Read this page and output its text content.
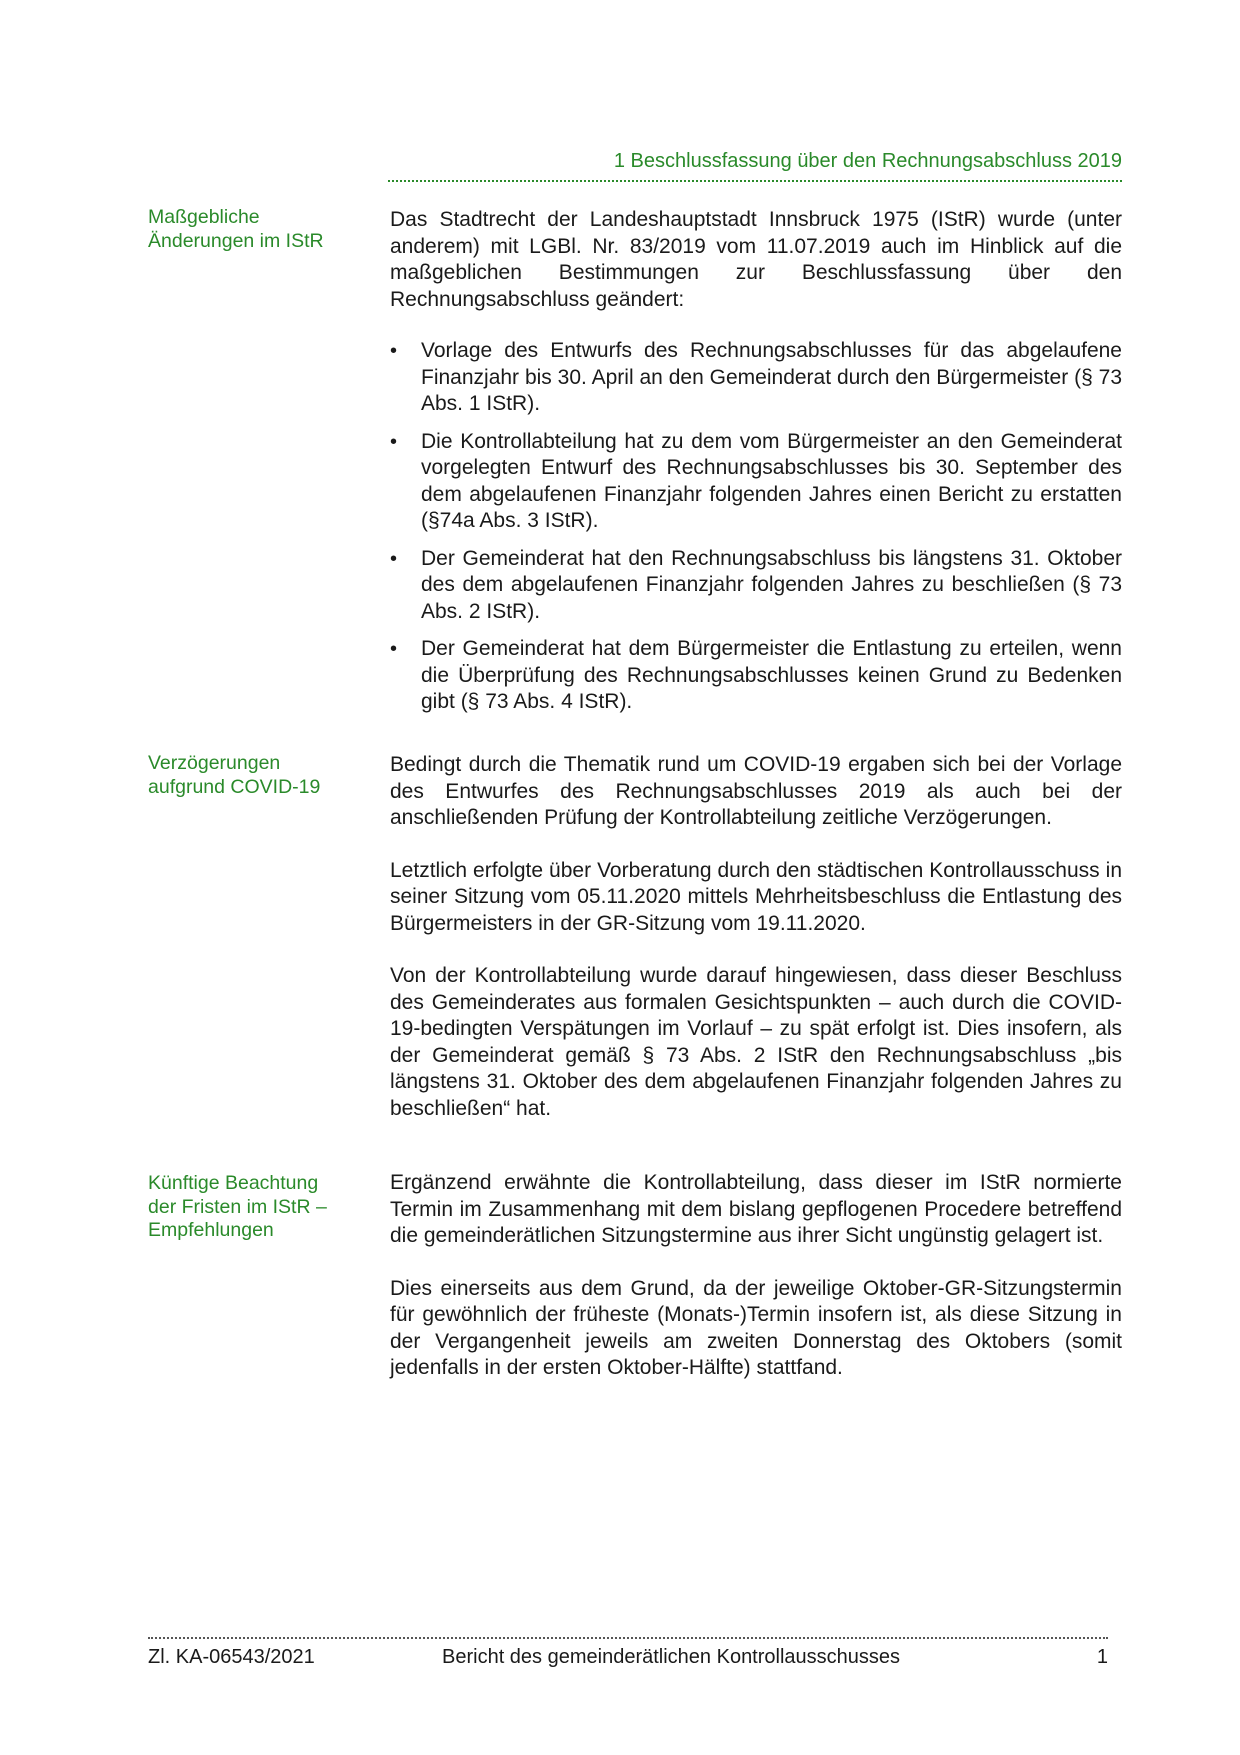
1 Beschlussfassung über den Rechnungsabschluss 2019
Maßgebliche Änderungen im IStR
Verzögerungen aufgrund COVID-19
Künftige Beachtung der Fristen im IStR – Empfehlungen

Das Stadtrecht der Landeshauptstadt Innsbruck 1975 (IStR) wurde (unter anderem) mit LGBl. Nr. 83/2019 vom 11.07.2019 auch im Hinblick auf die maßgeblichen Bestimmungen zur Beschlussfassung über den Rechnungsabschluss geändert:

• Vorlage des Entwurfs des Rechnungsabschlusses für das abgelaufene Finanzjahr bis 30. April an den Gemeinderat durch den Bürgermeister (§ 73 Abs. 1 IStR).
• Die Kontrollabteilung hat zu dem vom Bürgermeister an den Gemeinderat vorgelegten Entwurf des Rechnungsabschlusses bis 30. September des dem abgelaufenen Finanzjahr folgenden Jahres einen Bericht zu erstatten (§74a Abs. 3 IStR).
• Der Gemeinderat hat den Rechnungsabschluss bis längstens 31. Oktober des dem abgelaufenen Finanzjahr folgenden Jahres zu beschließen (§ 73 Abs. 2 IStR).
• Der Gemeinderat hat dem Bürgermeister die Entlastung zu erteilen, wenn die Überprüfung des Rechnungsabschlusses keinen Grund zu Bedenken gibt (§ 73 Abs. 4 IStR).

Bedingt durch die Thematik rund um COVID-19 ergaben sich bei der Vorlage des Entwurfes des Rechnungsabschlusses 2019 als auch bei der anschließenden Prüfung der Kontrollabteilung zeitliche Verzögerungen.

Letztlich erfolgte über Vorberatung durch den städtischen Kontrollausschuss in seiner Sitzung vom 05.11.2020 mittels Mehrheitsbeschluss die Entlastung des Bürgermeisters in der GR-Sitzung vom 19.11.2020.

Von der Kontrollabteilung wurde darauf hingewiesen, dass dieser Beschluss des Gemeinderates aus formalen Gesichtspunkten – auch durch die COVID-19-bedingten Verspätungen im Vorlauf – zu spät erfolgt ist. Dies insofern, als der Gemeinderat gemäß § 73 Abs. 2 IStR den Rechnungsabschluss „bis längstens 31. Oktober des dem abgelaufenen Finanzjahr folgenden Jahres zu beschließen“ hat.

Ergänzend erwähnte die Kontrollabteilung, dass dieser im IStR normierte Termin im Zusammenhang mit dem bislang gepflogenen Procedere betreffend die gemeinderätlichen Sitzungstermine aus ihrer Sicht ungünstig gelagert ist.

Dies einerseits aus dem Grund, da der jeweilige Oktober-GR-Sitzungstermin für gewöhnlich der früheste (Monats-)Termin insofern ist, als diese Sitzung in der Vergangenheit jeweils am zweiten Donnerstag des Oktobers (somit jedenfalls in der ersten Oktober-Hälfte) stattfand.

Zl. KA-06543/2021	Bericht des gemeinderätlichen Kontrollausschusses	1
